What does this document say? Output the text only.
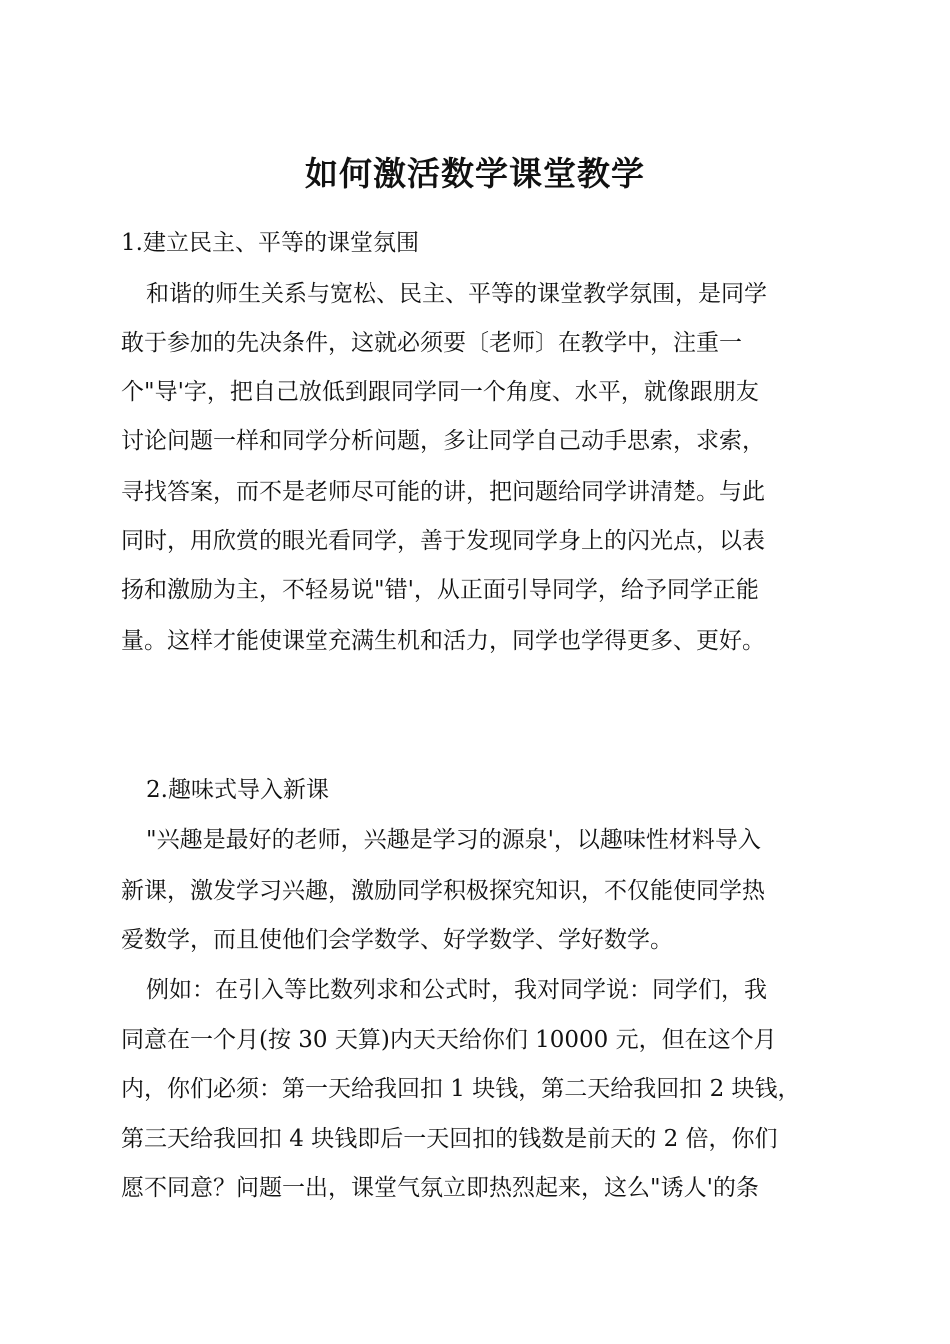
如何激活数学课堂教学
1.建立民主、平等的课堂氛围
和谐的师生关系与宽松、民主、平等的课堂教学氛围，是同学
敢于参加的先决条件，这就必须要〔老师〕在教学中，注重一
个"导'字，把自己放低到跟同学同一个角度、水平，就像跟朋友
讨论问题一样和同学分析问题，多让同学自己动手思索，求索，
寻找答案，而不是老师尽可能的讲，把问题给同学讲清楚。与此
同时，用欣赏的眼光看同学，善于发现同学身上的闪光点，以表
扬和激励为主，不轻易说"错'，从正面引导同学，给予同学正能
量。这样才能使课堂充满生机和活力，同学也学得更多、更好。
2.趣味式导入新课
"兴趣是最好的老师，兴趣是学习的源泉'，以趣味性材料导入
新课，激发学习兴趣，激励同学积极探究知识，不仅能使同学热
爱数学，而且使他们会学数学、好学数学、学好数学。
例如：在引入等比数列求和公式时，我对同学说：同学们，我
同意在一个月(按 30 天算)内天天给你们 10000 元，但在这个月
内，你们必须：第一天给我回扣 1 块钱，第二天给我回扣 2 块钱，
第三天给我回扣 4 块钱即后一天回扣的钱数是前天的 2 倍，你们
愿不同意？问题一出，课堂气氛立即热烈起来，这么"诱人'的条
